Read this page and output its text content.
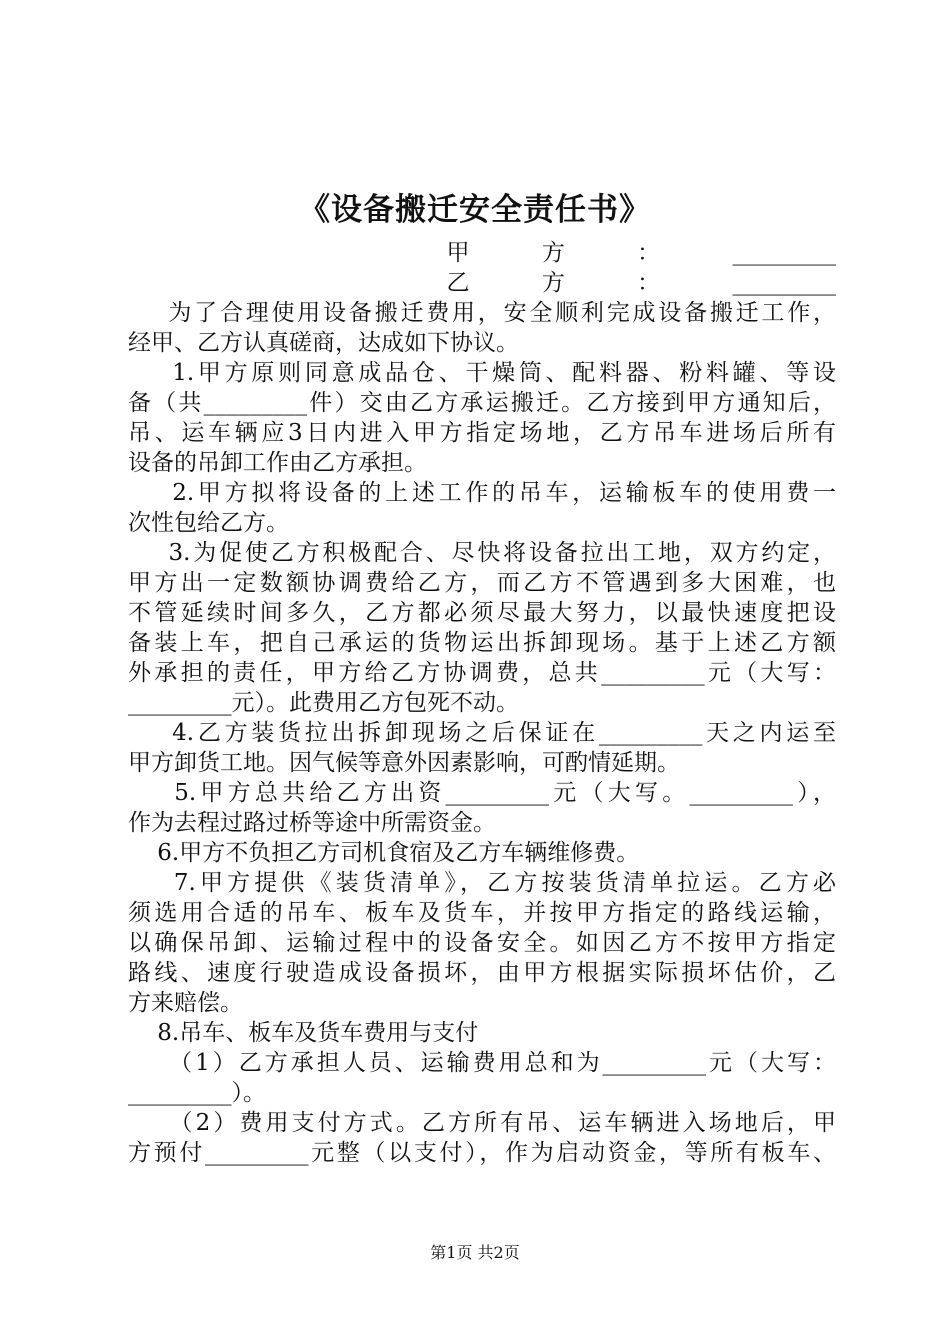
《设备搬迁安全责任书》
甲方：_________
乙方：_________
为了合理使用设备搬迁费用，安全顺利完成设备搬迁工作，
经甲、乙方认真磋商，达成如下协议。
1.甲方原则同意成品仓、干燥筒、配料器、粉料罐、等设
备（共_________件）交由乙方承运搬迁。乙方接到甲方通知后，
吊、运车辆应3日内进入甲方指定场地，乙方吊车进场后所有
设备的吊卸工作由乙方承担。
2.甲方拟将设备的上述工作的吊车，运输板车的使用费一
次性包给乙方。
3.为促使乙方积极配合、尽快将设备拉出工地，双方约定，
甲方出一定数额协调费给乙方，而乙方不管遇到多大困难，也
不管延续时间多久，乙方都必须尽最大努力，以最快速度把设
备装上车，把自己承运的货物运出拆卸现场。基于上述乙方额
外承担的责任，甲方给乙方协调费，总共_________元（大写：
_________元）。此费用乙方包死不动。
4.乙方装货拉出拆卸现场之后保证在_________天之内运至
甲方卸货工地。因气候等意外因素影响，可酌情延期。
5.甲方总共给乙方出资_________元（大写。_________），
作为去程过路过桥等途中所需资金。
6.甲方不负担乙方司机食宿及乙方车辆维修费。
7.甲方提供《装货清单》，乙方按装货清单拉运。乙方必
须选用合适的吊车、板车及货车，并按甲方指定的路线运输，
以确保吊卸、运输过程中的设备安全。如因乙方不按甲方指定
路线、速度行驶造成设备损坏，由甲方根据实际损坏估价，乙
方来赔偿。
8.吊车、板车及货车费用与支付
（1）乙方承担人员、运输费用总和为_________元（大写：
_________）。
（2）费用支付方式。乙方所有吊、运车辆进入场地后，甲
方预付_________元整（以支付），作为启动资金，等所有板车、
第1页 共2页
